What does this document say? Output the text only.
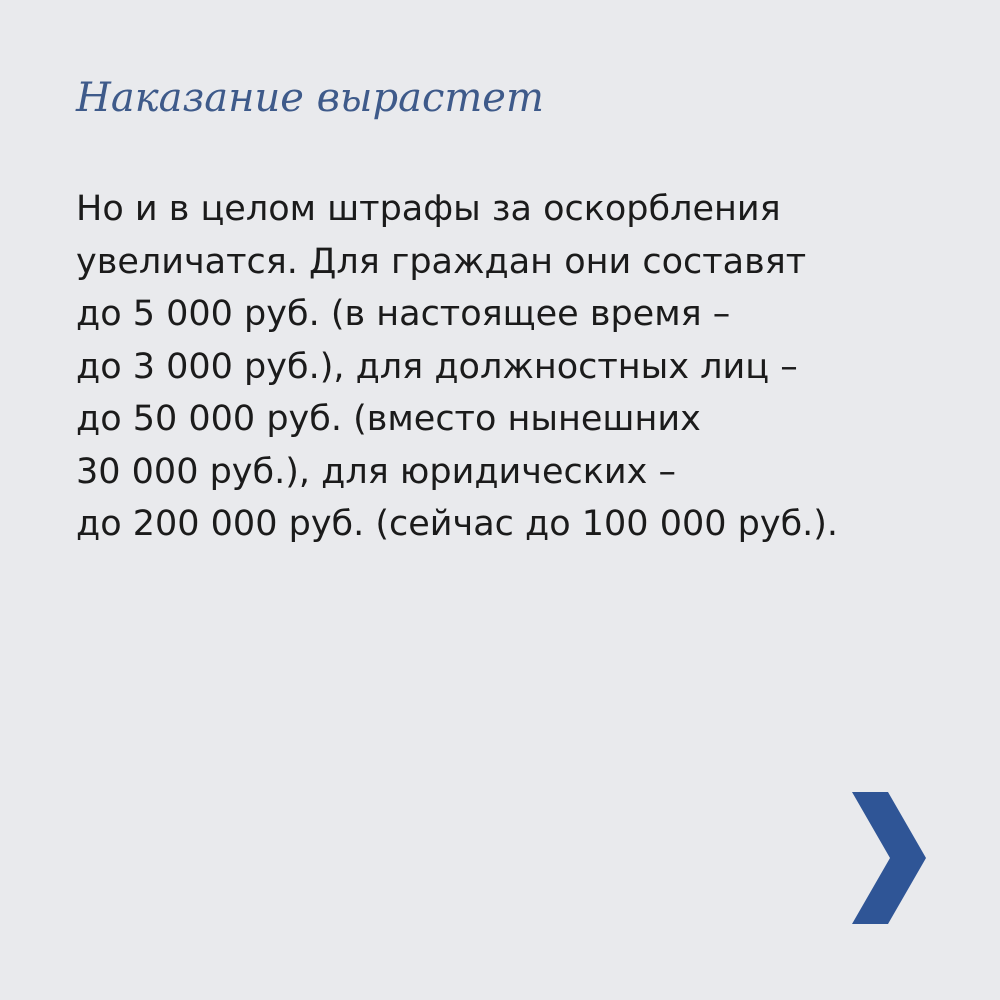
Наказание вырастет

Но и в целом штрафы за оскорбления
увеличатся. Для граждан они составят
до 5 000 руб. (в настоящее время –
до 3 000 руб.), для должностных лиц –
до 50 000 руб. (вместо нынешних
30 000 руб.), для юридических –
до 200 000 руб. (сейчас до 100 000 руб.).
